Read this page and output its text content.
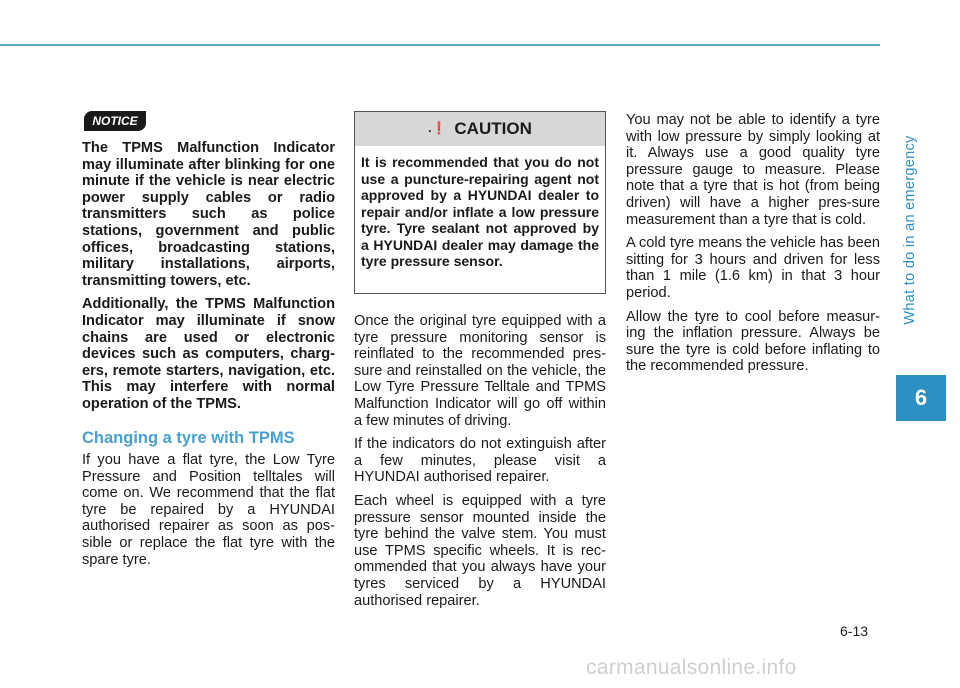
What to do in an emergency
6
NOTICE

The TPMS Malfunction Indicator may illuminate after blinking for one minute if the vehicle is near electric power supply cables or radio transmitters such as police stations, government and public offices, broadcasting stations, military installations, airports, transmitting towers, etc.

Additionally, the TPMS Malfunction Indicator may illuminate if snow chains are used or electronic devices such as computers, charg-ers, remote starters, navigation, etc. This may interfere with normal operation of the TPMS.

Changing a tyre with TPMS

If you have a flat tyre, the Low Tyre Pressure and Position telltales will come on. We recommend that the flat tyre be repaired by a HYUNDAI authorised repairer as soon as pos-sible or replace the flat tyre with the spare tyre.

.❗ CAUTION
It is recommended that you do not use a puncture-repairing agent not approved by a HYUNDAI dealer to repair and/or inflate a low pressure tyre. Tyre sealant not approved by a HYUNDAI dealer may damage the tyre pressure sensor.

Once the original tyre equipped with a tyre pressure monitoring sensor is reinflated to the recommended pres-sure and reinstalled on the vehicle, the Low Tyre Pressure Telltale and TPMS Malfunction Indicator will go off within a few minutes of driving.

If the indicators do not extinguish after a few minutes, please visit a HYUNDAI authorised repairer.

Each wheel is equipped with a tyre pressure sensor mounted inside the tyre behind the valve stem. You must use TPMS specific wheels. It is rec-ommended that you always have your tyres serviced by a HYUNDAI authorised repairer.

You may not be able to identify a tyre with low pressure by simply looking at it. Always use a good quality tyre pressure gauge to measure. Please note that a tyre that is hot (from being driven) will have a higher pres-sure measurement than a tyre that is cold.

A cold tyre means the vehicle has been sitting for 3 hours and driven for less than 1 mile (1.6 km) in that 3 hour period.

Allow the tyre to cool before measur-ing the inflation pressure. Always be sure the tyre is cold before inflating to the recommended pressure.

6-13
carmanualsonline.info
